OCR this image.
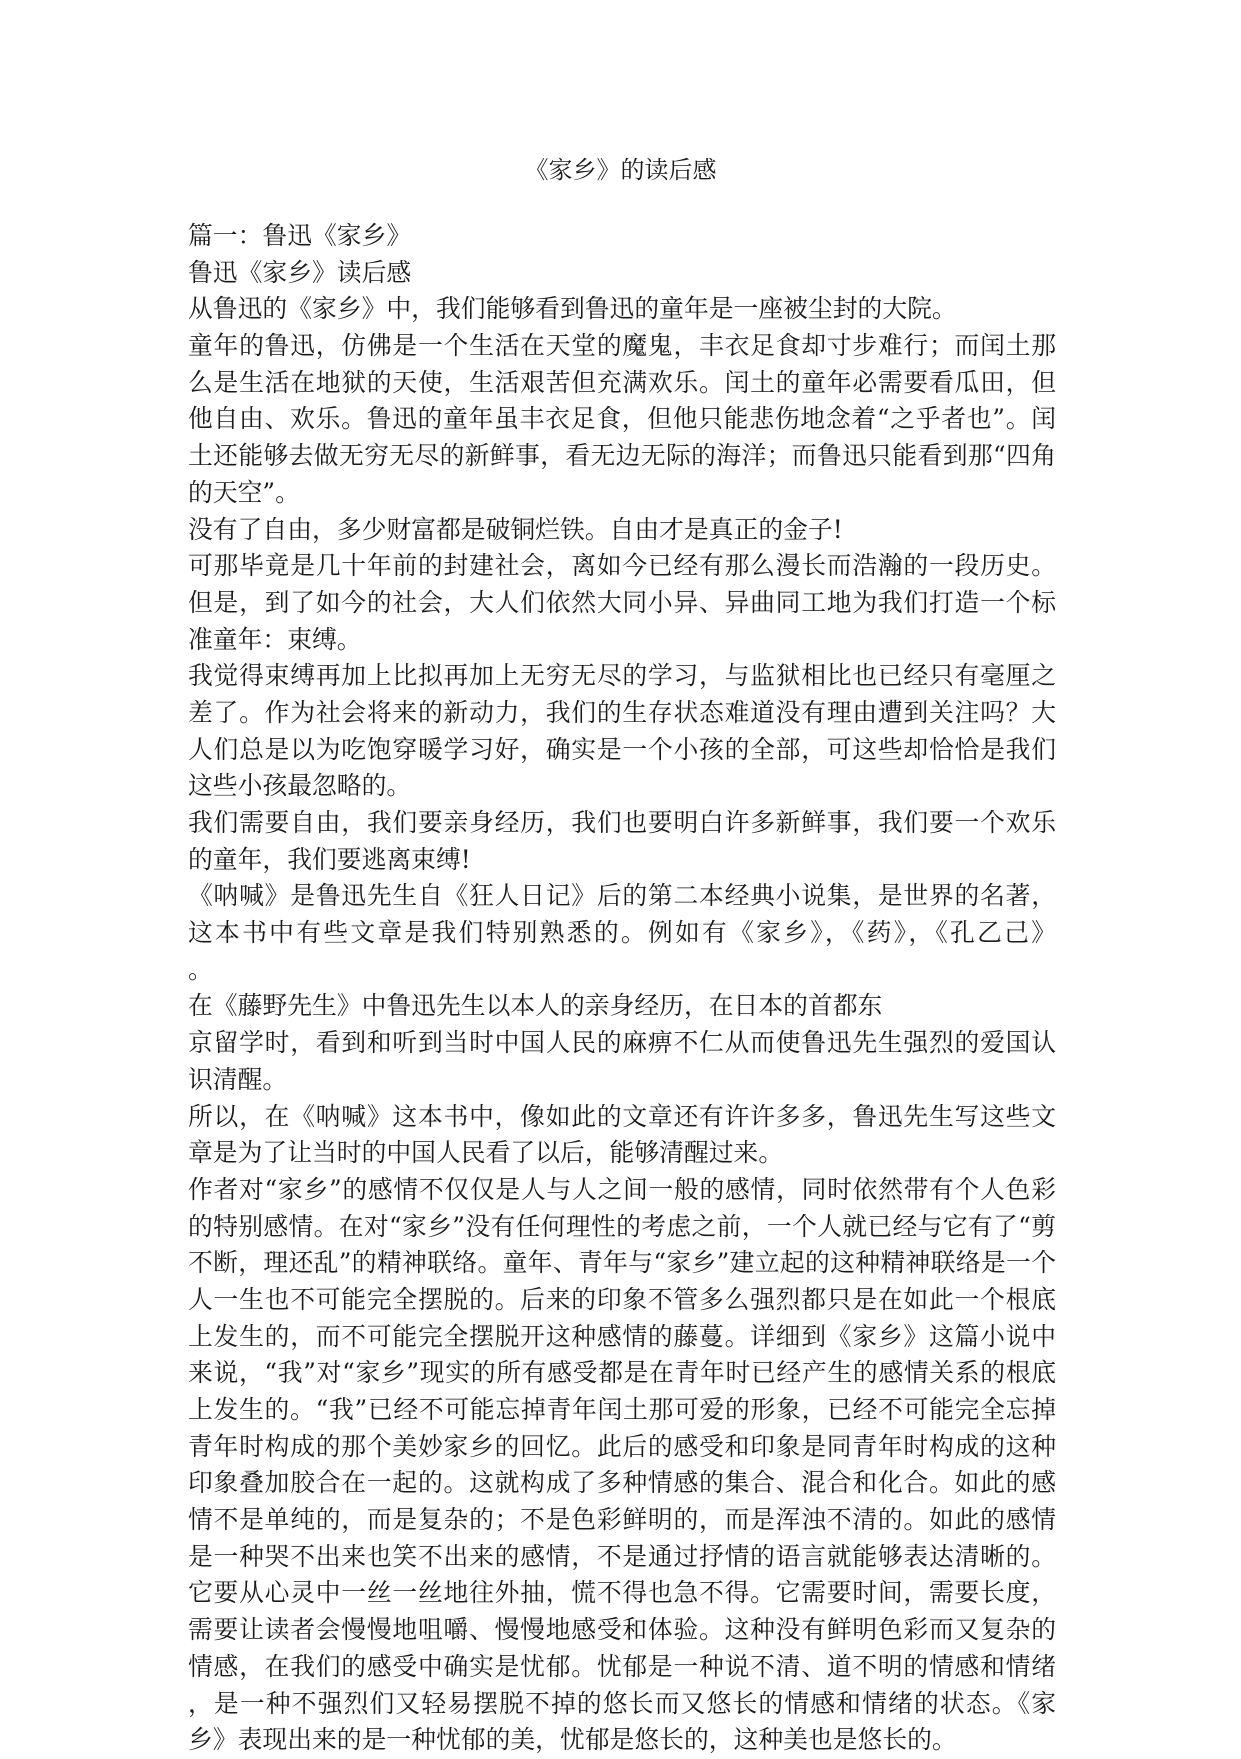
《家乡》的读后感
篇一：鲁迅《家乡》
鲁迅《家乡》读后感
从鲁迅的《家乡》中，我们能够看到鲁迅的童年是一座被尘封的大院。
童年的鲁迅，仿佛是一个生活在天堂的魔鬼，丰衣足食却寸步难行；而闰土那
么是生活在地狱的天使，生活艰苦但充满欢乐。闰土的童年必需要看瓜田，但
他自由、欢乐。鲁迅的童年虽丰衣足食，但他只能悲伤地念着“之乎者也”。闰
土还能够去做无穷无尽的新鲜事，看无边无际的海洋；而鲁迅只能看到那“四角
的天空”。
没有了自由，多少财富都是破铜烂铁。自由才是真正的金子!
可那毕竟是几十年前的封建社会，离如今已经有那么漫长而浩瀚的一段历史。
但是，到了如今的社会，大人们依然大同小异、异曲同工地为我们打造一个标
准童年：束缚。
我觉得束缚再加上比拟再加上无穷无尽的学习，与监狱相比也已经只有毫厘之
差了。作为社会将来的新动力，我们的生存状态难道没有理由遭到关注吗？大
人们总是以为吃饱穿暖学习好，确实是一个小孩的全部，可这些却恰恰是我们
这些小孩最忽略的。
我们需要自由，我们要亲身经历，我们也要明白许多新鲜事，我们要一个欢乐
的童年，我们要逃离束缚!
《呐喊》是鲁迅先生自《狂人日记》后的第二本经典小说集，是世界的名著，
这本书中有些文章是我们特别熟悉的。例如有《家乡》，《药》，《孔乙己》
。
在《藤野先生》中鲁迅先生以本人的亲身经历，在日本的首都东
京留学时，看到和听到当时中国人民的麻痹不仁从而使鲁迅先生强烈的爱国认
识清醒。
所以，在《呐喊》这本书中，像如此的文章还有许许多多，鲁迅先生写这些文
章是为了让当时的中国人民看了以后，能够清醒过来。
作者对“家乡”的感情不仅仅是人与人之间一般的感情，同时依然带有个人色彩
的特别感情。在对“家乡”没有任何理性的考虑之前，一个人就已经与它有了“剪
不断，理还乱”的精神联络。童年、青年与“家乡”建立起的这种精神联络是一个
人一生也不可能完全摆脱的。后来的印象不管多么强烈都只是在如此一个根底
上发生的，而不可能完全摆脱开这种感情的藤蔓。详细到《家乡》这篇小说中
来说，“我”对“家乡”现实的所有感受都是在青年时已经产生的感情关系的根底
上发生的。“我”已经不可能忘掉青年闰土那可爱的形象，已经不可能完全忘掉
青年时构成的那个美妙家乡的回忆。此后的感受和印象是同青年时构成的这种
印象叠加胶合在一起的。这就构成了多种情感的集合、混合和化合。如此的感
情不是单纯的，而是复杂的；不是色彩鲜明的，而是浑浊不清的。如此的感情
是一种哭不出来也笑不出来的感情，不是通过抒情的语言就能够表达清晰的。
它要从心灵中一丝一丝地往外抽，慌不得也急不得。它需要时间，需要长度，
需要让读者会慢慢地咀嚼、慢慢地感受和体验。这种没有鲜明色彩而又复杂的
情感，在我们的感受中确实是忧郁。忧郁是一种说不清、道不明的情感和情绪
，是一种不强烈们又轻易摆脱不掉的悠长而又悠长的情感和情绪的状态。《家
乡》表现出来的是一种忧郁的美，忧郁是悠长的，这种美也是悠长的。
